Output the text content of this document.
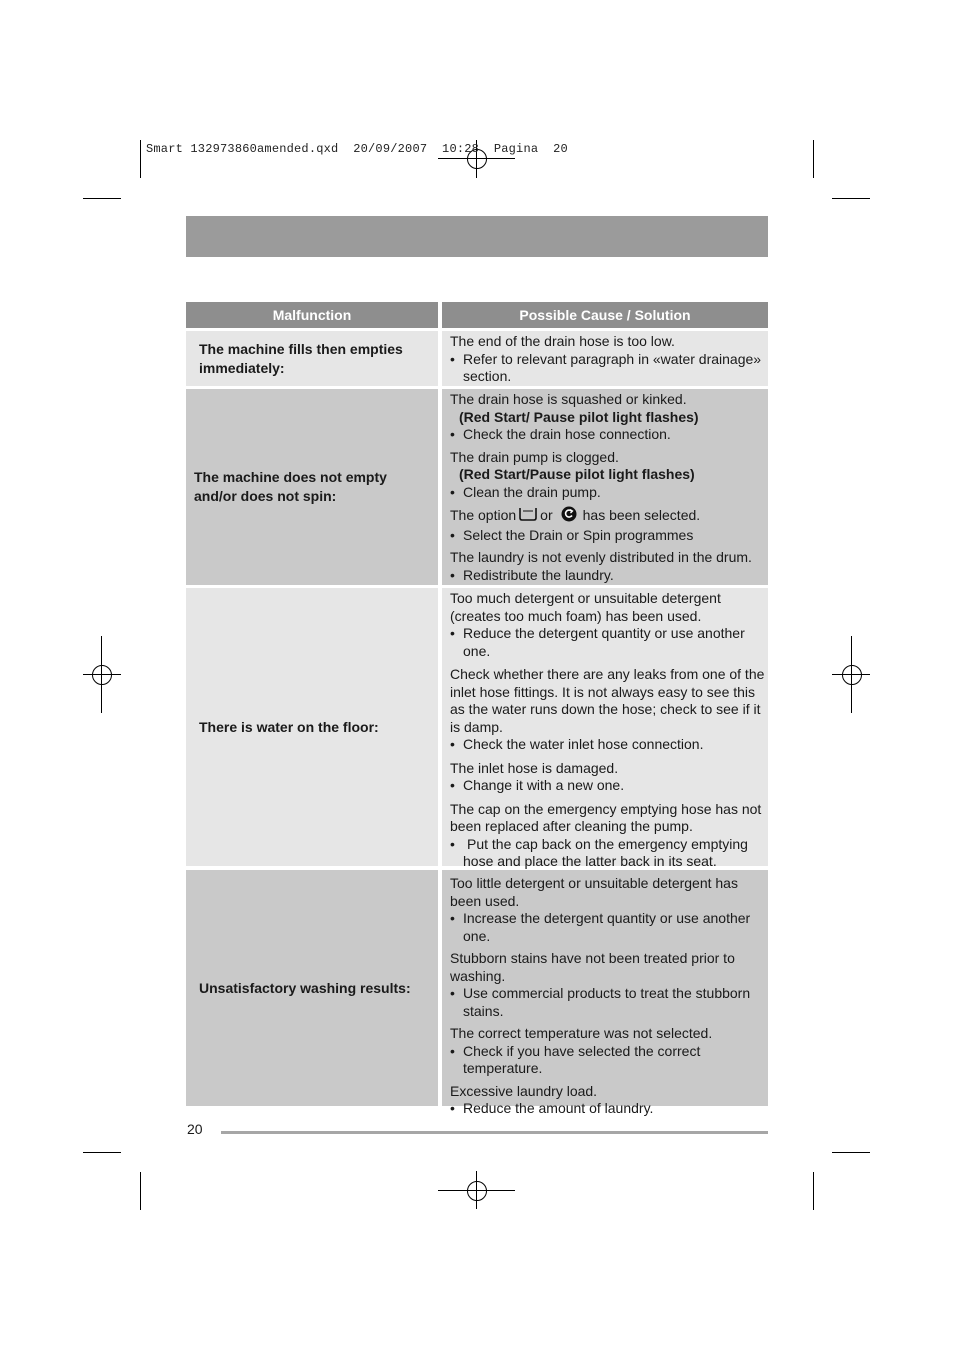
Smart 132973860amended.qxd  20/09/2007  10:28  Pagina  20
Malfunction	Possible Cause / Solution
The machine fills then empties immediately:

The end of the drain hose is too low.

• Refer to relevant paragraph in «water drainage» section.
The machine does not empty and/or does not spin:

The drain hose is squashed or kinked.

(Red Start/ Pause pilot light flashes)

• Check the drain hose connection.

The drain pump is clogged.

(Red Start/Pause pilot light flashes)

• Clean the drain pump.

The option or has been selected.

• Select the Drain or Spin programmes

The laundry is not evenly distributed in the drum.

• Redistribute the laundry.
There is water on the floor:

Too much detergent or unsuitable detergent (creates too much foam) has been used.

• Reduce the detergent quantity or use another one.

Check whether there are any leaks from one of the inlet hose fittings. It is not always easy to see this as the water runs down the hose; check to see if it is damp.

• Check the water inlet hose connection.

The inlet hose is damaged.

• Change it with a new one.

The cap on the emergency emptying hose has not been replaced after cleaning the pump.

• Put the cap back on the emergency emptying hose and place the latter back in its seat.
Unsatisfactory washing results:

Too little detergent or unsuitable detergent has been used.

• Increase the detergent quantity or use another one.

Stubborn stains have not been treated prior to washing.

• Use commercial products to treat the stubborn stains.

The correct temperature was not selected.

• Check if you have selected the correct temperature.

Excessive laundry load.

• Reduce the amount of laundry.
20
